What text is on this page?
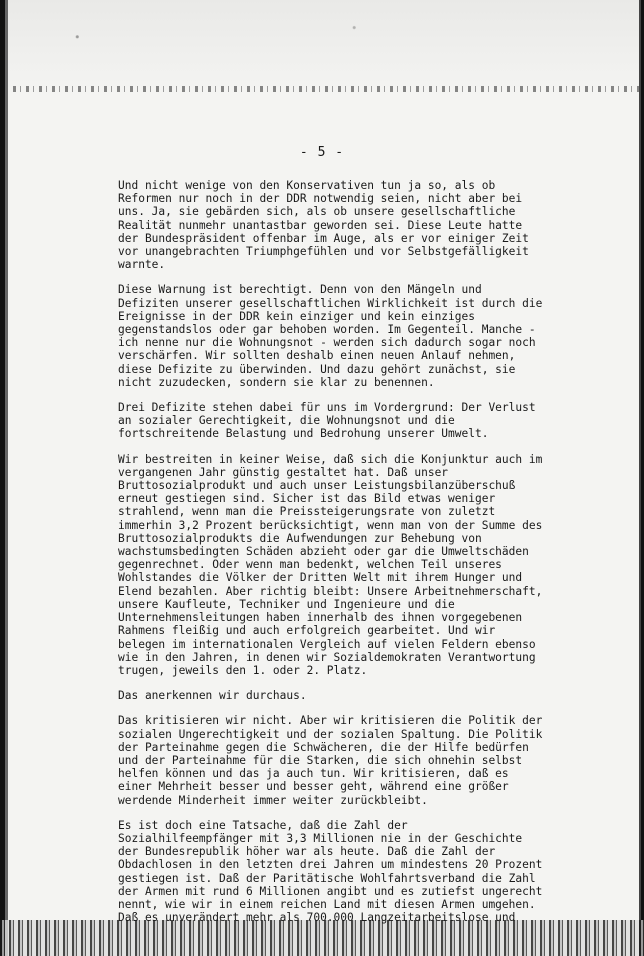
- 5 -
Und nicht wenige von den Konservativen tun ja so, als ob
Reformen nur noch in der DDR notwendig seien, nicht aber bei
uns. Ja, sie gebärden sich, als ob unsere gesellschaftliche
Realität nunmehr unantastbar geworden sei. Diese Leute hatte
der Bundespräsident offenbar im Auge, als er vor einiger Zeit
vor unangebrachten Triumphgefühlen und vor Selbstgefälligkeit
warnte.
Diese Warnung ist berechtigt. Denn von den Mängeln und
Defiziten unserer gesellschaftlichen Wirklichkeit ist durch die
Ereignisse in der DDR kein einziger und kein einziges
gegenstandslos oder gar behoben worden. Im Gegenteil. Manche -
ich nenne nur die Wohnungsnot - werden sich dadurch sogar noch
verschärfen. Wir sollten deshalb einen neuen Anlauf nehmen,
diese Defizite zu überwinden. Und dazu gehört zunächst, sie
nicht zuzudecken, sondern sie klar zu benennen.
Drei Defizite stehen dabei für uns im Vordergrund: Der Verlust
an sozialer Gerechtigkeit, die Wohnungsnot und die
fortschreitende Belastung und Bedrohung unserer Umwelt.
Wir bestreiten in keiner Weise, daß sich die Konjunktur auch im
vergangenen Jahr günstig gestaltet hat. Daß unser
Bruttosozialprodukt und auch unser Leistungsbilanzüberschuß
erneut gestiegen sind. Sicher ist das Bild etwas weniger
strahlend, wenn man die Preissteigerungsrate von zuletzt
immerhin 3,2 Prozent berücksichtigt, wenn man von der Summe des
Bruttosozialprodukts die Aufwendungen zur Behebung von
wachstumsbedingten Schäden abzieht oder gar die Umweltschäden
gegenrechnet. Oder wenn man bedenkt, welchen Teil unseres
Wohlstandes die Völker der Dritten Welt mit ihrem Hunger und
Elend bezahlen. Aber richtig bleibt: Unsere Arbeitnehmerschaft,
unsere Kaufleute, Techniker und Ingenieure und die
Unternehmensleitungen haben innerhalb des ihnen vorgegebenen
Rahmens fleißig und auch erfolgreich gearbeitet. Und wir
belegen im internationalen Vergleich auf vielen Feldern ebenso
wie in den Jahren, in denen wir Sozialdemokraten Verantwortung
trugen, jeweils den 1. oder 2. Platz.
Das anerkennen wir durchaus.
Das kritisieren wir nicht. Aber wir kritisieren die Politik der
sozialen Ungerechtigkeit und der sozialen Spaltung. Die Politik
der Parteinahme gegen die Schwächeren, die der Hilfe bedürfen
und der Parteinahme für die Starken, die sich ohnehin selbst
helfen können und das ja auch tun. Wir kritisieren, daß es
einer Mehrheit besser und besser geht, während eine größer
werdende Minderheit immer weiter zurückbleibt.
Es ist doch eine Tatsache, daß die Zahl der
Sozialhilfeempfänger mit 3,3 Millionen nie in der Geschichte
der Bundesrepublik höher war als heute. Daß die Zahl der
Obdachlosen in den letzten drei Jahren um mindestens 20 Prozent
gestiegen ist. Daß der Paritätische Wohlfahrtsverband die Zahl
der Armen mit rund 6 Millionen angibt und es zutiefst ungerecht
nennt, wie wir in einem reichen Land mit diesen Armen umgehen.
Daß es unverändert mehr als 700.000 Langzeitarbeitslose und
